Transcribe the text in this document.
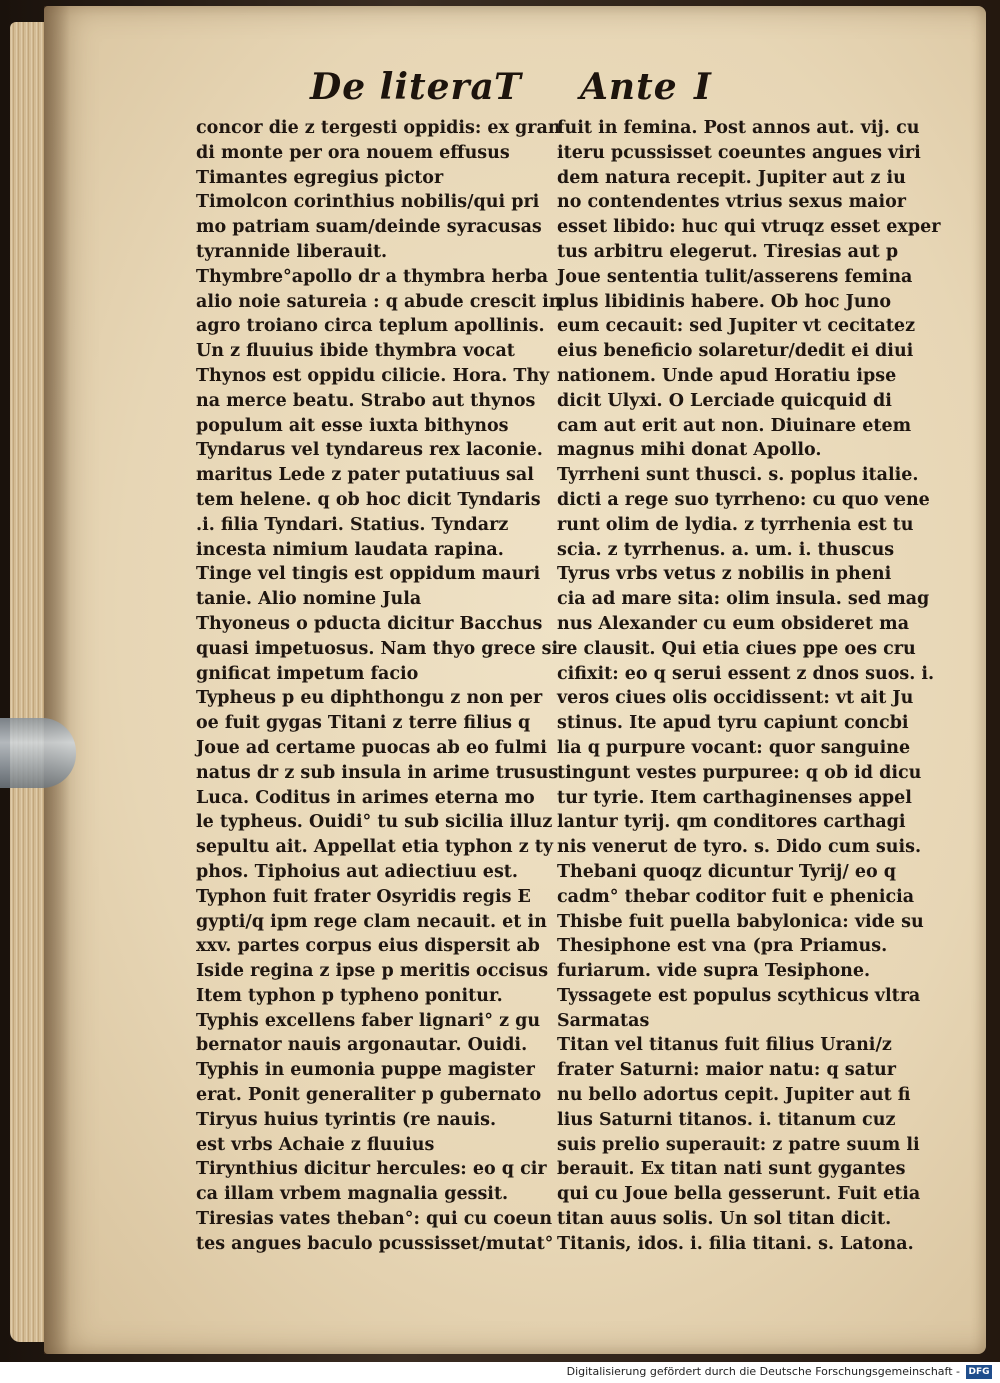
De litera T Ante I
concor die z tergesti oppidis: ex gran
di monte per ora nouem effusus
Timantes egregius pictor
Timolcon corinthius nobilis/qui pri
mo patriam suam/deinde syracusas
tyrannide liberauit.
Thymbre°apollo dr a thymbra herba
alio noie satureia : q abude crescit in
agro troiano circa teplum apollinis.
Un z fluuius ibide thymbra vocat
Thynos est oppidu cilicie. Hora. Thy
na merce beatu. Strabo aut thynos
populum ait esse iuxta bithynos
Tyndarus vel tyndareus rex laconie.
maritus Lede z pater putatiuus sal
tem helene. q ob hoc dicit Tyndaris
.i. filia Tyndari. Statius. Tyndarz
incesta nimium laudata rapina.
Tinge vel tingis est oppidum mauri
tanie. Alio nomine Jula
Thyoneus o pducta dicitur Bacchus
quasi impetuosus. Nam thyo grece si
gnificat impetum facio
Typheus p eu diphthongu z non per
oe fuit gygas Titani z terre filius q
Joue ad certame puocas ab eo fulmi
natus dr z sub insula in arime trusus
Luca. Coditus in arimes eterna mo
le typheus. Ouidi° tu sub sicilia illuz
sepultu ait. Appellat etia typhon z ty
phos. Tiphoius aut adiectiuu est.
Typhon fuit frater Osyridis regis E
gypti/q ipm rege clam necauit. et in
xxv. partes corpus eius dispersit ab
Iside regina z ipse p meritis occisus
Item typhon p typheno ponitur.
Typhis excellens faber lignari° z gu
bernator nauis argonautar. Ouidi.
Typhis in eumonia puppe magister
erat. Ponit generaliter p gubernato
Tiryus huius tyrintis (re nauis.
est vrbs Achaie z fluuius
Tirynthius dicitur hercules: eo q cir
ca illam vrbem magnalia gessit.
Tiresias vates theban°: qui cu coeun
tes angues baculo pcussisset/mutat°
fuit in femina. Post annos aut. vij. cu
iteru pcussisset coeuntes angues viri
dem natura recepit. Jupiter aut z iu
no contendentes vtrius sexus maior
esset libido: huc qui vtruqz esset exper
tus arbitru elegerut. Tiresias aut p
Joue sententia tulit/asserens femina
plus libidinis habere. Ob hoc Juno
eum cecauit: sed Jupiter vt cecitatez
eius beneficio solaretur/dedit ei diui
nationem. Unde apud Horatiu ipse
dicit Ulyxi. O Lerciade quicquid di
cam aut erit aut non. Diuinare etem
magnus mihi donat Apollo.
Tyrrheni sunt thusci. s. poplus italie.
dicti a rege suo tyrrheno: cu quo vene
runt olim de lydia. z tyrrhenia est tu
scia. z tyrrhenus. a. um. i. thuscus
Tyrus vrbs vetus z nobilis in pheni
cia ad mare sita: olim insula. sed mag
nus Alexander cu eum obsideret ma
re clausit. Qui etia ciues ppe oes cru
cifixit: eo q serui essent z dnos suos. i.
veros ciues olis occidissent: vt ait Ju
stinus. Ite apud tyru capiunt concbi
lia q purpure vocant: quor sanguine
tingunt vestes purpuree: q ob id dicu
tur tyrie. Item carthaginenses appel
lantur tyrij. qm conditores carthagi
nis venerut de tyro. s. Dido cum suis.
Thebani quoqz dicuntur Tyrij/ eo q
cadm° thebar coditor fuit e phenicia
Thisbe fuit puella babylonica: vide su
Thesiphone est vna (pra Priamus.
furiarum. vide supra Tesiphone.
Tyssagete est populus scythicus vltra
Sarmatas
Titan vel titanus fuit filius Urani/z
frater Saturni: maior natu: q satur
nu bello adortus cepit. Jupiter aut fi
lius Saturni titanos. i. titanum cuz
suis prelio superauit: z patre suum li
berauit. Ex titan nati sunt gygantes
qui cu Joue bella gesserunt. Fuit etia
titan auus solis. Un sol titan dicit.
Titanis, idos. i. filia titani. s. Latona.
Digitalisierung gefördert durch die Deutsche Forschungsgemeinschaft - DFG
